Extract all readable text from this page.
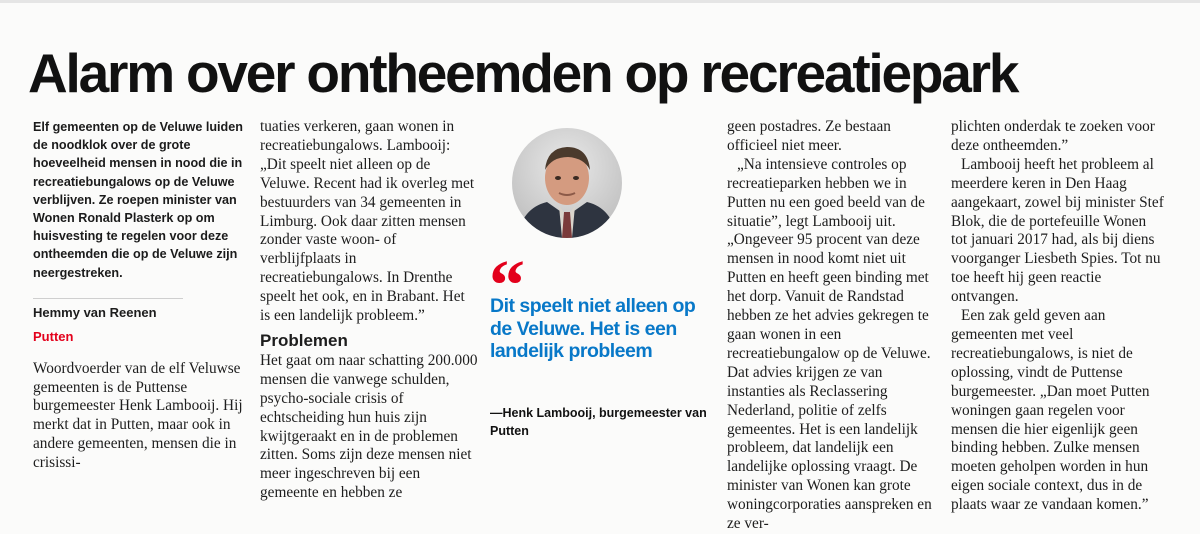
Alarm over ontheemden op recreatiepark

Elf gemeenten op de Veluwe luiden de noodklok over de grote hoeveelheid mensen in nood die in recreatiebungalows op de Veluwe verblijven. Ze roepen minister van Wonen Ronald Plasterk op om huisvesting te regelen voor deze ontheemden die op de Veluwe zijn neergestreken.

Hemmy van Reenen
Putten

Woordvoerder van de elf Veluwse gemeenten is de Puttense burgemeester Henk Lambooij. Hij merkt dat in Putten, maar ook in andere gemeenten, mensen die in crisissi-

tuaties verkeren, gaan wonen in recreatiebungalows. Lambooij: „Dit speelt niet alleen op de Veluwe. Recent had ik overleg met bestuurders van 34 gemeenten in Limburg. Ook daar zitten mensen zonder vaste woon- of verblijfplaats in recreatiebungalows. In Drenthe speelt het ook, en in Brabant. Het is een landelijk probleem.”

Problemen

Het gaat om naar schatting 200.000 mensen die vanwege schulden, psycho-sociale crisis of echtscheiding hun huis zijn kwijtgeraakt en in de problemen zitten. Soms zijn deze mensen niet meer ingeschreven bij een gemeente en hebben ze

“

Dit speelt niet alleen op de Veluwe. Het is een landelijk probleem

—Henk Lambooij, burgemeester van Putten

geen postadres. Ze bestaan officieel niet meer.

„Na intensieve controles op recreatieparken hebben we in Putten nu een goed beeld van de situatie”, legt Lambooij uit. „Ongeveer 95 procent van deze mensen in nood komt niet uit Putten en heeft geen binding met het dorp. Vanuit de Randstad hebben ze het advies gekregen te gaan wonen in een recreatiebungalow op de Veluwe. Dat advies krijgen ze van instanties als Reclassering Nederland, politie of zelfs gemeentes. Het is een landelijk probleem, dat landelijk een landelijke oplossing vraagt. De minister van Wonen kan grote woningcorporaties aanspreken en ze ver-

plichten onderdak te zoeken voor deze ontheemden.”

Lambooij heeft het probleem al meerdere keren in Den Haag aangekaart, zowel bij minister Stef Blok, die de portefeuille Wonen tot januari 2017 had, als bij diens voorganger Liesbeth Spies. Tot nu toe heeft hij geen reactie ontvangen.

Een zak geld geven aan gemeenten met veel recreatiebungalows, is niet de oplossing, vindt de Puttense burgemeester. „Dan moet Putten woningen gaan regelen voor mensen die hier eigenlijk geen binding hebben. Zulke mensen moeten geholpen worden in hun eigen sociale context, dus in de plaats waar ze vandaan komen.”
